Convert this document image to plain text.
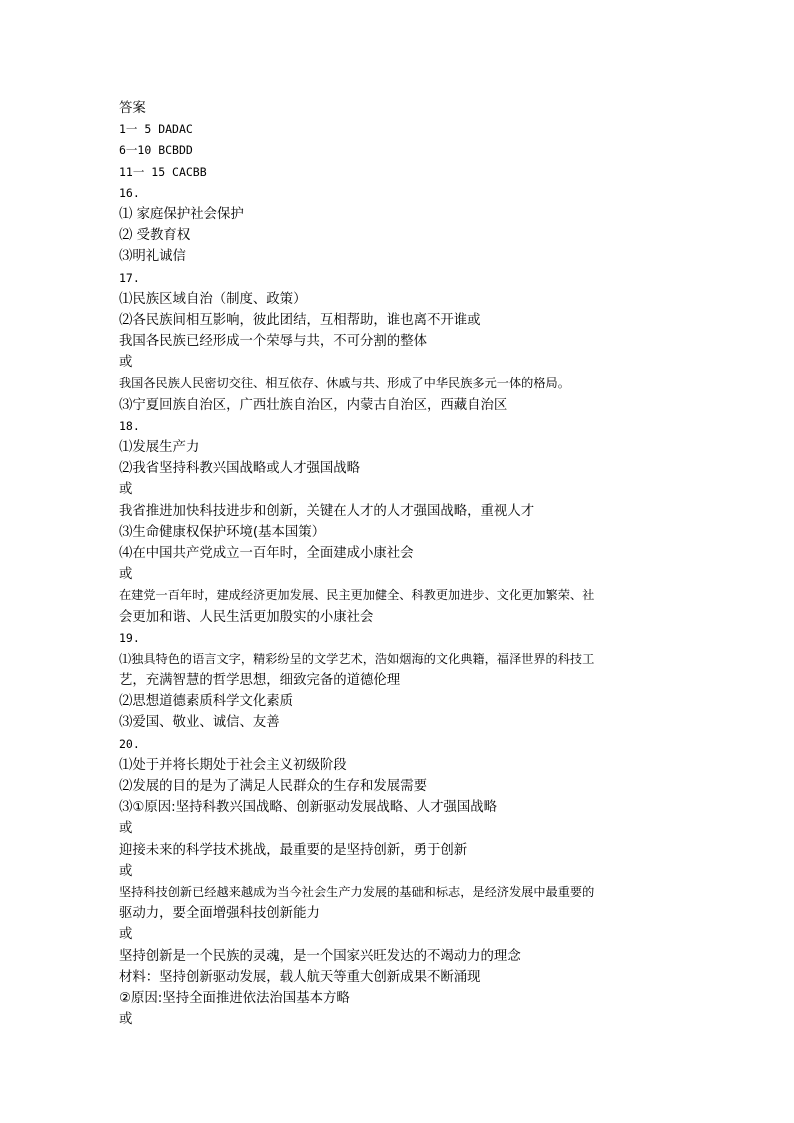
答案
1一 5 DADAC
6一10 BCBDD
11一 15 CACBB
16.
⑴ 家庭保护社会保护
⑵ 受教育权
⑶明礼诚信
17.
⑴民族区域自治（制度、政策）
⑵各民族间相互影响，彼此团结，互相帮助，谁也离不开谁或
我国各民族已经形成一个荣辱与共，不可分割的整体
或
我国各民族人民密切交往、相互依存、休戚与共、形成了中华民族多元一体的格局。
⑶宁夏回族自治区，广西壮族自治区，内蒙古自治区，西藏自治区
18.
⑴发展生产力
⑵我省坚持科教兴国战略或人才强国战略
或
我省推进加快科技进步和创新，关键在人才的人才强国战略，重视人才
⑶生命健康权保护环境(基本国策）
⑷在中国共产党成立一百年时，全面建成小康社会
或
在建党一百年时，建成经济更加发展、民主更加健全、科教更加进步、文化更加繁荣、社
会更加和谐、人民生活更加殷实的小康社会
19.
⑴独具特色的语言文字，精彩纷呈的文学艺术，浩如烟海的文化典籍，福泽世界的科技工
艺，充满智慧的哲学思想，细致完备的道德伦理
⑵思想道德素质科学文化素质
⑶爱国、敬业、诚信、友善
20.
⑴处于并将长期处于社会主义初级阶段
⑵发展的目的是为了满足人民群众的生存和发展需要
⑶①原因:坚持科教兴国战略、创新驱动发展战略、人才强国战略
或
迎接未来的科学技术挑战，最重要的是坚持创新，勇于创新
或
坚持科技创新已经越来越成为当今社会生产力发展的基础和标志，是经济发展中最重要的
驱动力，要全面增强科技创新能力
或
坚持创新是一个民族的灵魂，是一个国家兴旺发达的不竭动力的理念
材料：坚持创新驱动发展，载人航天等重大创新成果不断涌现
②原因:坚持全面推进依法治国基本方略
或
